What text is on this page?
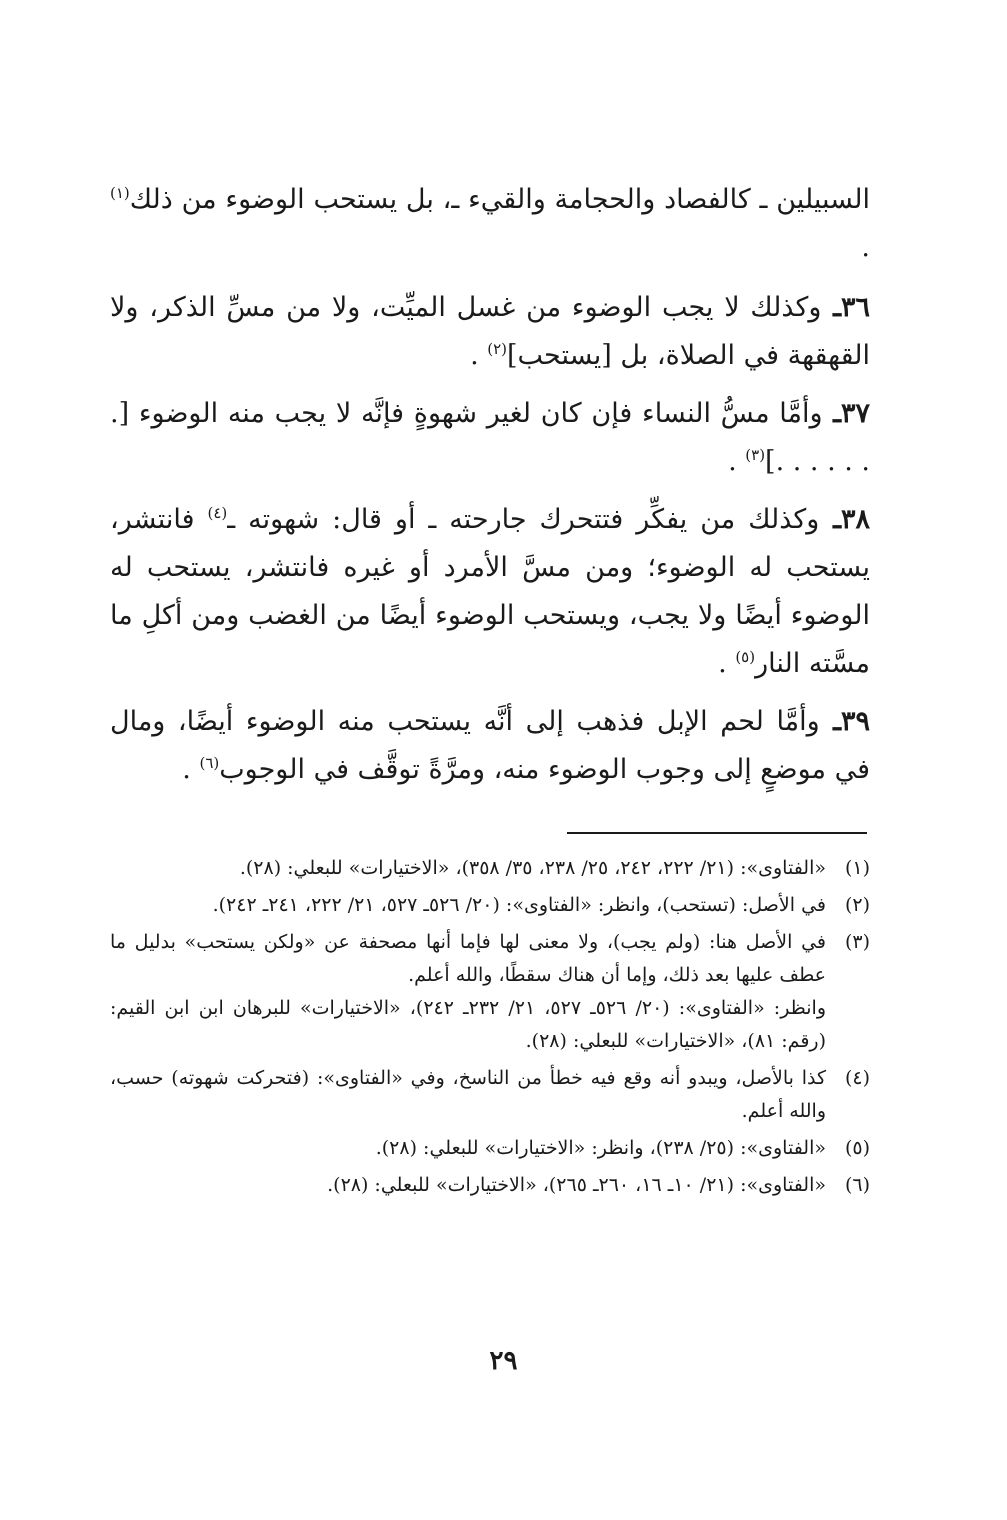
السبيلين ـ كالفصاد والحجامة والقيء ـ، بل يستحب الوضوء من ذلك$^{(١)}$ .

٣٦ـ وكذلك لا يجب الوضوء من غسل الميِّت، ولا من مسِّ الذكر، ولا القهقهة في الصلاة، بل [يستحب]$^{(٢)}$ .

٣٧ـ وأمَّا مسُّ النساء فإن كان لغير شهوةٍ فإنَّه لا يجب منه الوضوء [. . . . . . .]$^{(٣)}$ .

٣٨ـ وكذلك من يفكِّر فتتحرك جارحته ـ أو قال: شهوته ـ$^{(٤)}$ فانتشر، يستحب له الوضوء؛ ومن مسَّ الأمرد أو غيره فانتشر، يستحب له الوضوء أيضًا ولا يجب، ويستحب الوضوء أيضًا من الغضب ومن أكلِ ما مسَّته النار$^{(٥)}$ .

٣٩ـ وأمَّا لحم الإبل فذهب إلى أنَّه يستحب منه الوضوء أيضًا، ومال في موضعٍ إلى وجوب الوضوء منه، ومرَّةً توقَّف في الوجوب$^{(٦)}$ .

(١)
«الفتاوى»: (٢١/ ٢٢٢، ٢٤٢، ٢٥/ ٢٣٨، ٣٥/ ٣٥٨)، «الاختيارات» للبعلي: (٢٨).
(٢)
في الأصل: (تستحب)، وانظر: «الفتاوى»: (٢٠/ ٥٢٦ـ ٥٢٧، ٢١/ ٢٢٢، ٢٤١ـ ٢٤٢).
(٣)
في الأصل هنا: (ولم يجب)، ولا معنى لها فإما أنها مصحفة عن «ولكن يستحب» بدليل ما عطف عليها بعد ذلك، وإما أن هناك سقطًا، والله أعلم.
وانظر: «الفتاوى»: (٢٠/ ٥٢٦ـ ٥٢٧، ٢١/ ٢٣٢ـ ٢٤٢)، «الاختيارات» للبرهان ابن ابن القيم: (رقم: ٨١)، «الاختيارات» للبعلي: (٢٨).
(٤)
كذا بالأصل، ويبدو أنه وقع فيه خطأ من الناسخ، وفي «الفتاوى»: (فتحركت شهوته) حسب، والله أعلم.
(٥)
«الفتاوى»: (٢٥/ ٢٣٨)، وانظر: «الاختيارات» للبعلي: (٢٨).
(٦)
«الفتاوى»: (٢١/ ١٠ـ ١٦، ٢٦٠ـ ٢٦٥)، «الاختيارات» للبعلي: (٢٨).
٢٩
